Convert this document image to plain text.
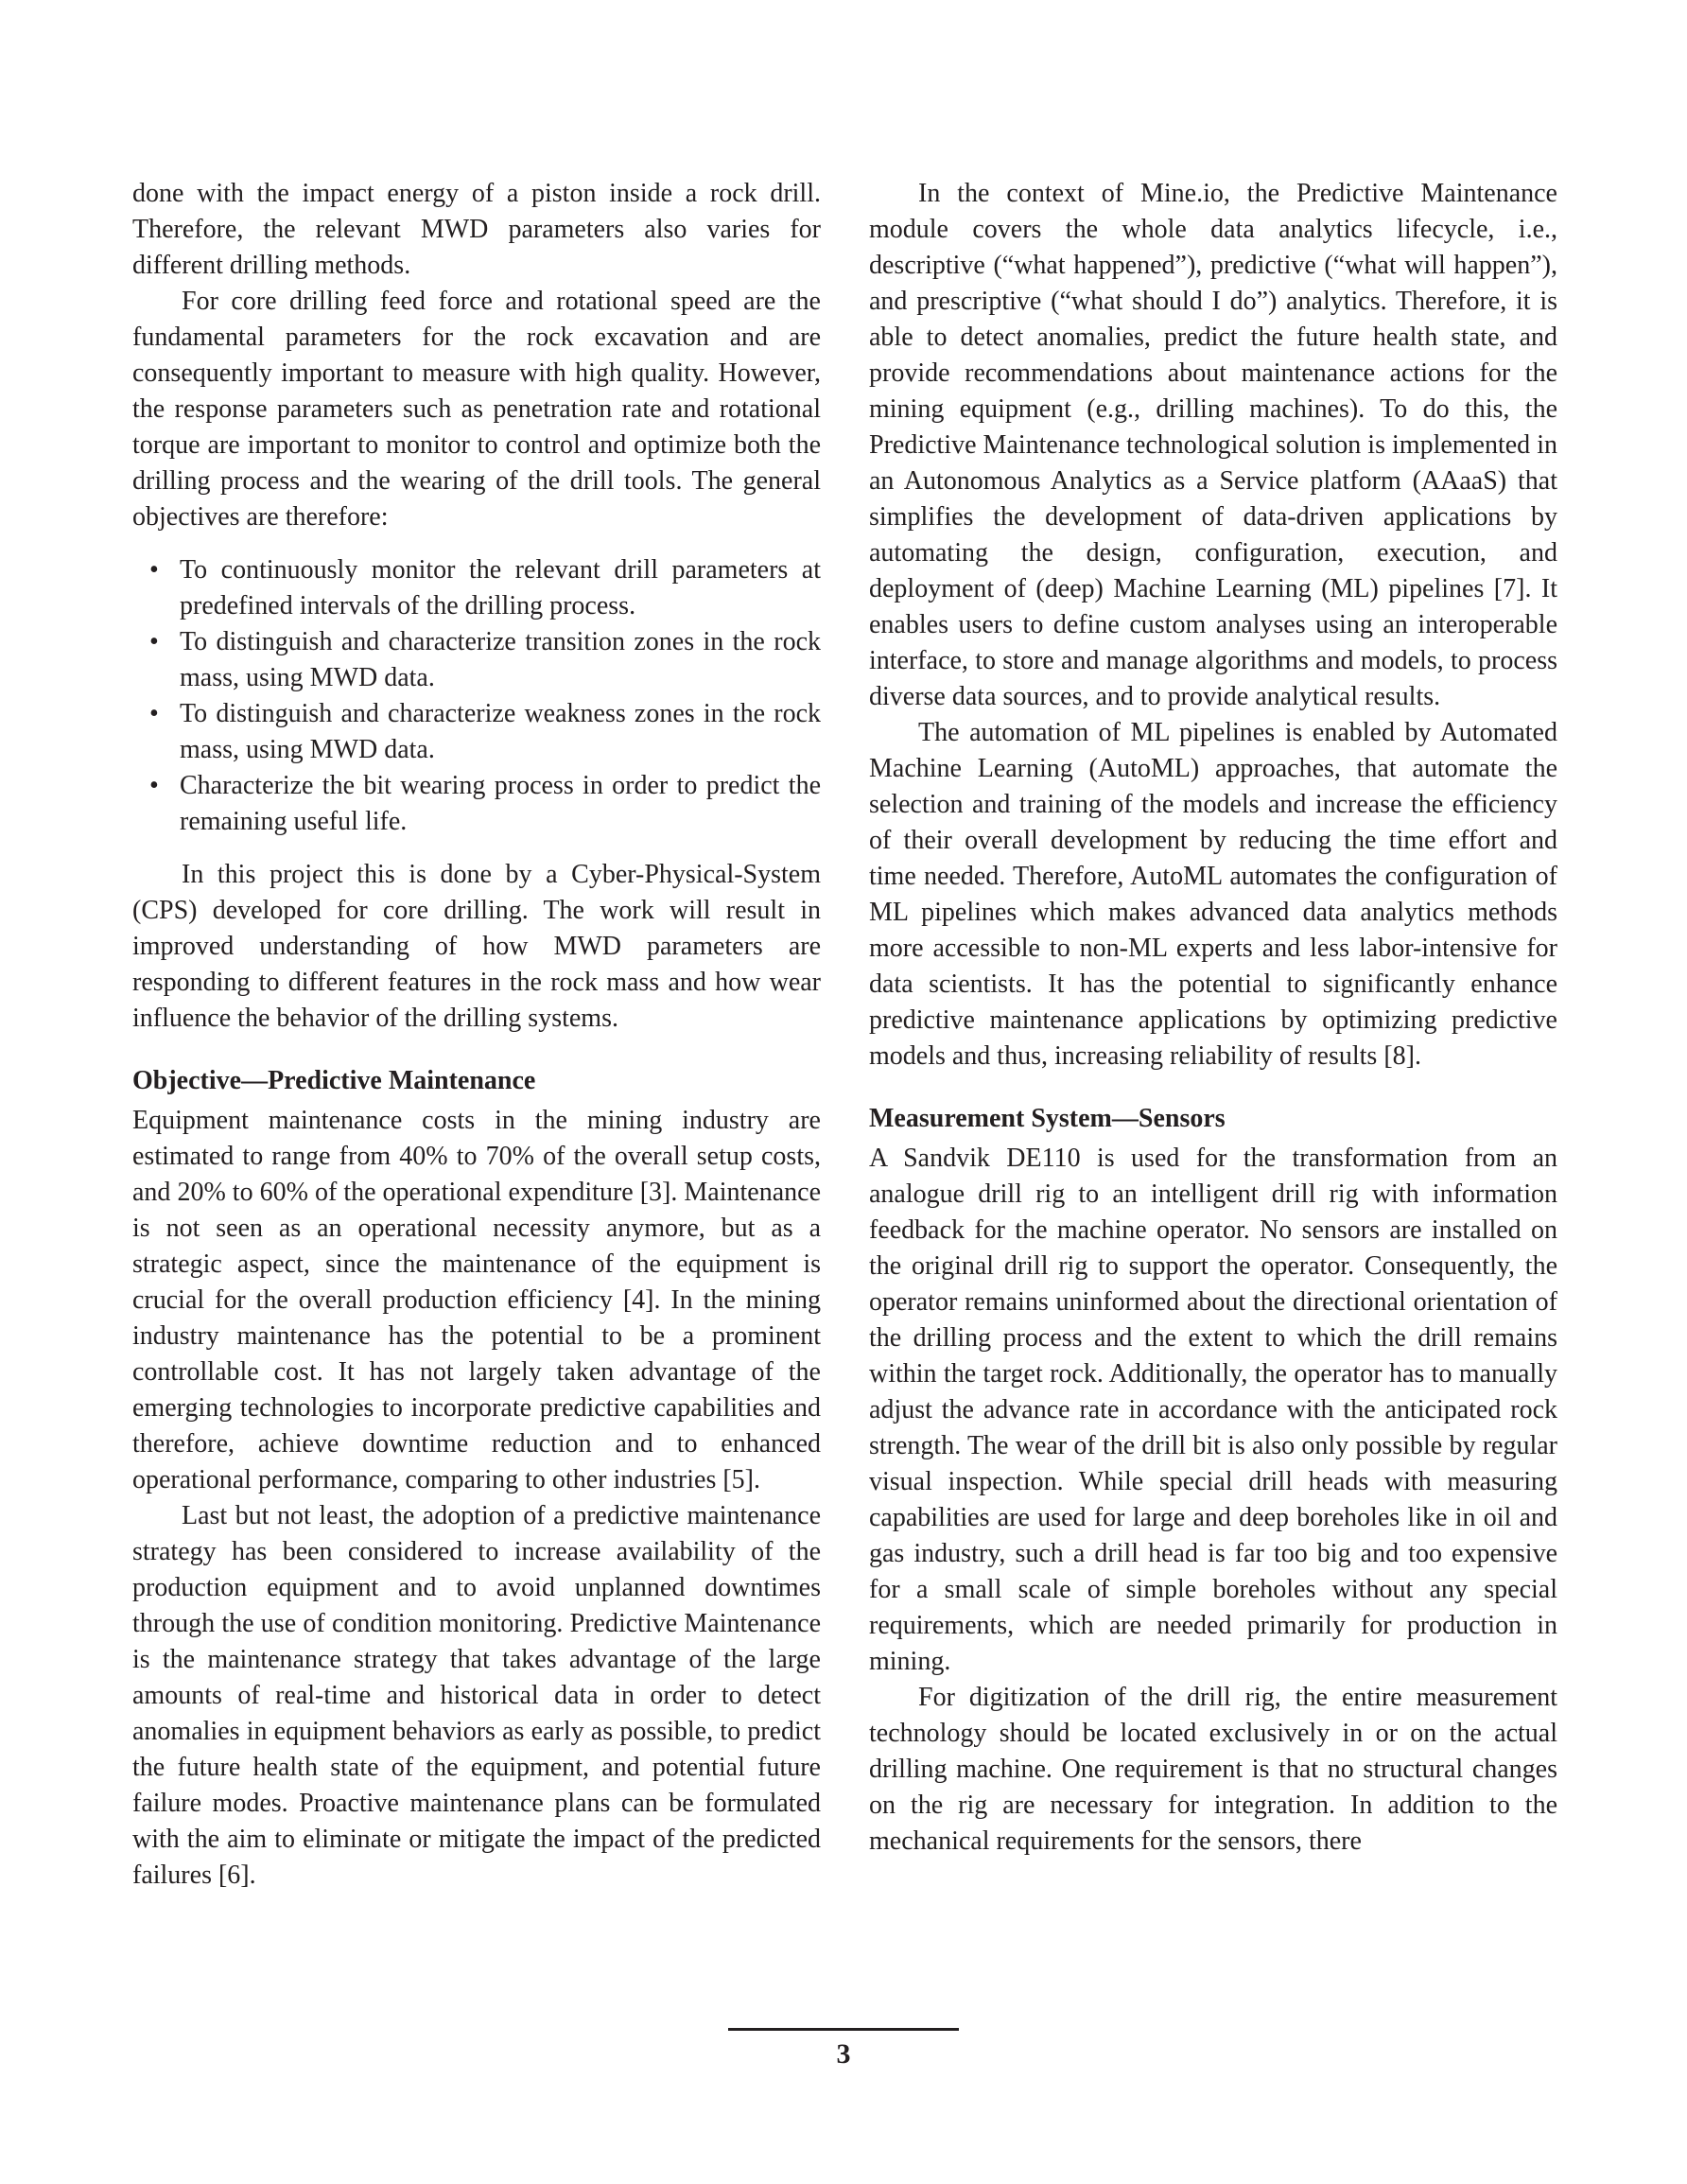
done with the impact energy of a piston inside a rock drill. Therefore, the relevant MWD parameters also varies for different drilling methods.

For core drilling feed force and rotational speed are the fundamental parameters for the rock excavation and are consequently important to measure with high quality. However, the response parameters such as penetration rate and rotational torque are important to monitor to control and optimize both the drilling process and the wearing of the drill tools. The general objectives are therefore:

• To continuously monitor the relevant drill parameters at predefined intervals of the drilling process.
• To distinguish and characterize transition zones in the rock mass, using MWD data.
• To distinguish and characterize weakness zones in the rock mass, using MWD data.
• Characterize the bit wearing process in order to predict the remaining useful life.

In this project this is done by a Cyber-Physical-System (CPS) developed for core drilling. The work will result in improved understanding of how MWD parameters are responding to different features in the rock mass and how wear influence the behavior of the drilling systems.

Objective—Predictive Maintenance

Equipment maintenance costs in the mining industry are estimated to range from 40% to 70% of the overall setup costs, and 20% to 60% of the operational expenditure [3]. Maintenance is not seen as an operational necessity anymore, but as a strategic aspect, since the maintenance of the equipment is crucial for the overall production efficiency [4]. In the mining industry maintenance has the potential to be a prominent controllable cost. It has not largely taken advantage of the emerging technologies to incorporate predictive capabilities and therefore, achieve downtime reduction and to enhanced operational performance, comparing to other industries [5].

Last but not least, the adoption of a predictive maintenance strategy has been considered to increase availability of the production equipment and to avoid unplanned downtimes through the use of condition monitoring. Predictive Maintenance is the maintenance strategy that takes advantage of the large amounts of real-time and historical data in order to detect anomalies in equipment behaviors as early as possible, to predict the future health state of the equipment, and potential future failure modes. Proactive maintenance plans can be formulated with the aim to eliminate or mitigate the impact of the predicted failures [6].

In the context of Mine.io, the Predictive Maintenance module covers the whole data analytics lifecycle, i.e., descriptive (“what happened”), predictive (“what will happen”), and prescriptive (“what should I do”) analytics. Therefore, it is able to detect anomalies, predict the future health state, and provide recommendations about maintenance actions for the mining equipment (e.g., drilling machines). To do this, the Predictive Maintenance technological solution is implemented in an Autonomous Analytics as a Service platform (AAaaS) that simplifies the development of data-driven applications by automating the design, configuration, execution, and deployment of (deep) Machine Learning (ML) pipelines [7]. It enables users to define custom analyses using an interoperable interface, to store and manage algorithms and models, to process diverse data sources, and to provide analytical results.

The automation of ML pipelines is enabled by Automated Machine Learning (AutoML) approaches, that automate the selection and training of the models and increase the efficiency of their overall development by reducing the time effort and time needed. Therefore, AutoML automates the configuration of ML pipelines which makes advanced data analytics methods more accessible to non-ML experts and less labor-intensive for data scientists. It has the potential to significantly enhance predictive maintenance applications by optimizing predictive models and thus, increasing reliability of results [8].

Measurement System—Sensors

A Sandvik DE110 is used for the transformation from an analogue drill rig to an intelligent drill rig with information feedback for the machine operator. No sensors are installed on the original drill rig to support the operator. Consequently, the operator remains uninformed about the directional orientation of the drilling process and the extent to which the drill remains within the target rock. Additionally, the operator has to manually adjust the advance rate in accordance with the anticipated rock strength. The wear of the drill bit is also only possible by regular visual inspection. While special drill heads with measuring capabilities are used for large and deep boreholes like in oil and gas industry, such a drill head is far too big and too expensive for a small scale of simple boreholes without any special requirements, which are needed primarily for production in mining.

For digitization of the drill rig, the entire measurement technology should be located exclusively in or on the actual drilling machine. One requirement is that no structural changes on the rig are necessary for integration. In addition to the mechanical requirements for the sensors, there

3
